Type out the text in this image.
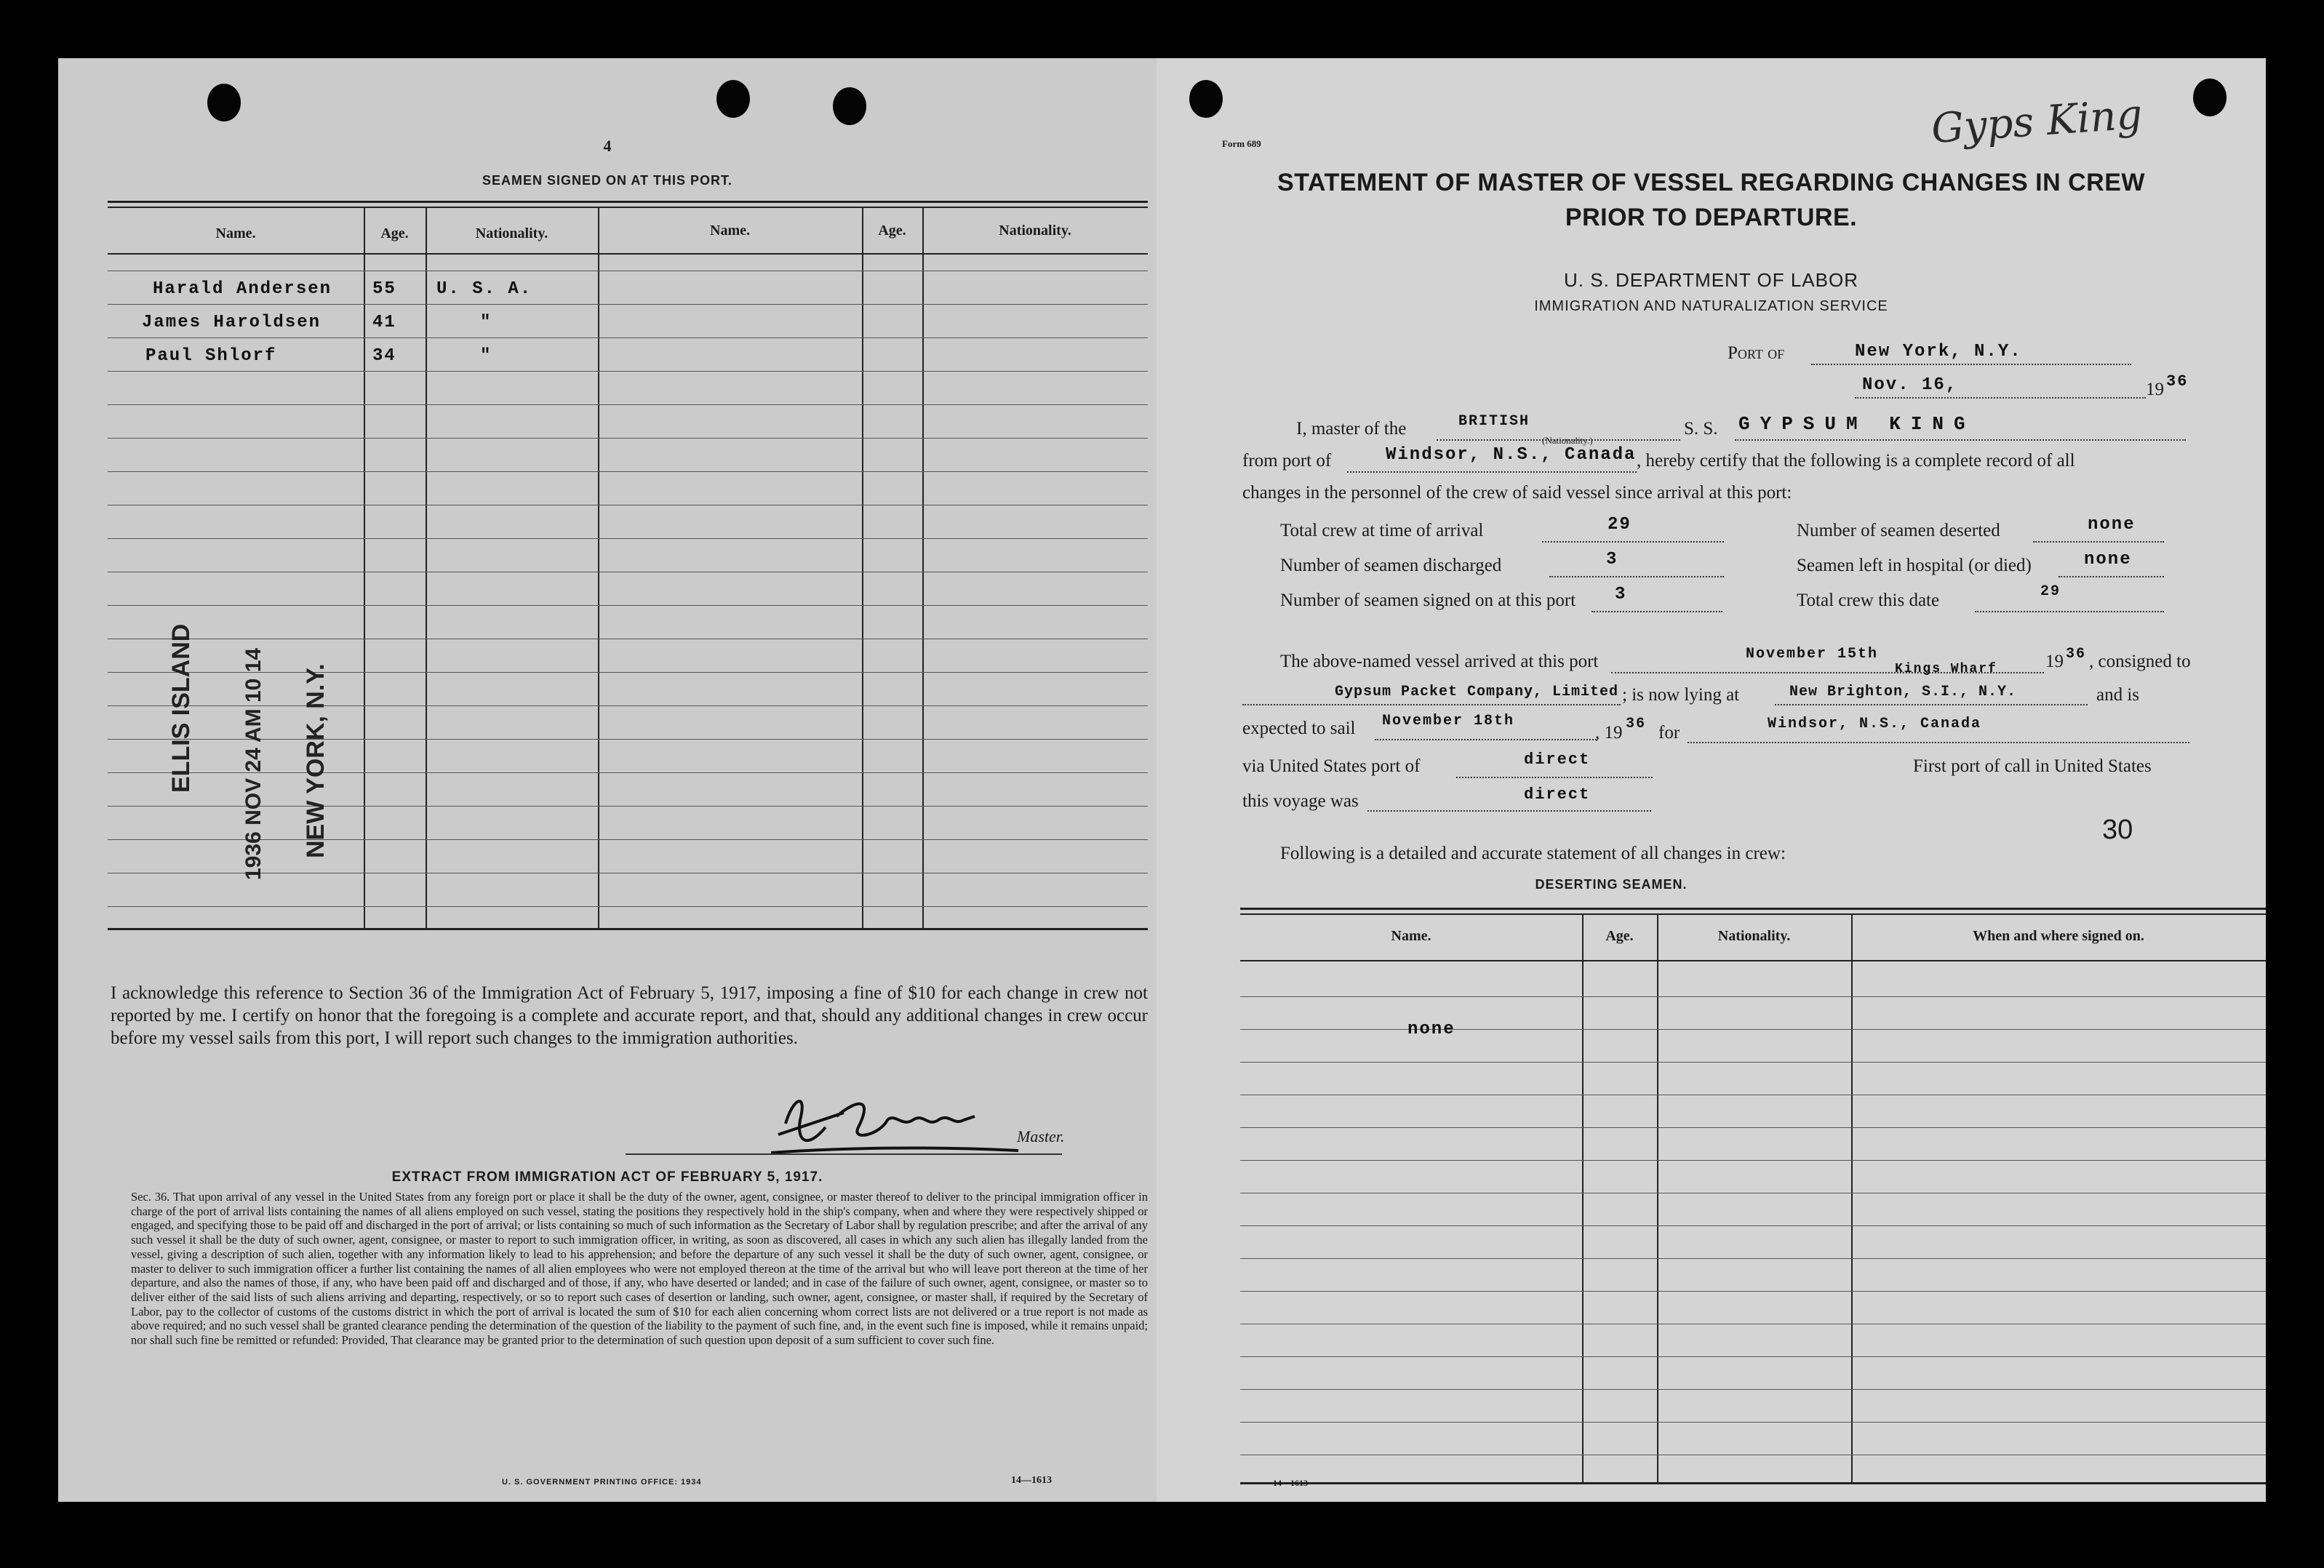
4
SEAMEN SIGNED ON AT THIS PORT.
Name.	Age.	Nationality.	Name.	Age.	Nationality.
Harald Andersen 55 U. S. A.
James Haroldsen	41	"
Paul Shlorf	34	"
ELLIS ISLAND 1936 NOV 24 AM 10 14 NEW YORK, N.Y.
I acknowledge this reference to Section 36 of the Immigration Act of February 5, 1917, imposing a fine of $10 for each change in crew not reported by me. I certify on honor that the foregoing is a complete and accurate report, and that, should any additional changes in crew occur before my vessel sails from this port, I will report such changes to the immigration authorities.
Master.
EXTRACT FROM IMMIGRATION ACT OF FEBRUARY 5, 1917.
Sec. 36. That upon arrival of any vessel in the United States from any foreign port or place it shall be the duty of the owner, agent, consignee, or master thereof to deliver to the principal immigration officer in charge of the port of arrival lists containing the names of all aliens employed on such vessel, stating the positions they respectively hold in the ship's company, when and where they were respectively shipped or engaged, and specifying those to be paid off and discharged in the port of arrival; or lists containing so much of such information as the Secretary of Labor shall by regulation prescribe; and after the arrival of any such vessel it shall be the duty of such owner, agent, consignee, or master to report to such immigration officer, in writing, as soon as discovered, all cases in which any such alien has illegally landed from the vessel, giving a description of such alien, together with any information likely to lead to his apprehension; and before the departure of any such vessel it shall be the duty of such owner, agent, consignee, or master to deliver to such immigration officer a further list containing the names of all alien employees who were not employed thereon at the time of the arrival but who will leave port thereon at the time of her departure, and also the names of those, if any, who have been paid off and discharged and of those, if any, who have deserted or landed; and in case of the failure of such owner, agent, consignee, or master so to deliver either of the said lists of such aliens arriving and departing, respectively, or so to report such cases of desertion or landing, such owner, agent, consignee, or master shall, if required by the Secretary of Labor, pay to the collector of customs of the customs district in which the port of arrival is located the sum of $10 for each alien concerning whom correct lists are not delivered or a true report is not made as above required; and no such vessel shall be granted clearance pending the determination of the question of the liability to the payment of such fine, and, in the event such fine is imposed, while it remains unpaid; nor shall such fine be remitted or refunded: Provided, That clearance may be granted prior to the determination of such question upon deposit of a sum sufficient to cover such fine.
U. S. GOVERNMENT PRINTING OFFICE: 1934	14—1613
Form 689	Gyps King
STATEMENT OF MASTER OF VESSEL REGARDING CHANGES IN CREW
PRIOR TO DEPARTURE.
U. S. DEPARTMENT OF LABOR
IMMIGRATION AND NATURALIZATION SERVICE
Port of	New York, N.Y.
Nov. 16,	19 36
I, master of the	BRITISH
(Nationality.)
S. S. GYPSUM KING
from port of	Windsor, N.S., Canada , hereby certify that the following is a complete record of all
changes in the personnel of the crew of said vessel since arrival at this port:
Total crew at time of arrival	29	Number of seamen deserted	none
Number of seamen discharged	3	Seamen left in hospital (or died)	none
Number of seamen signed on at this port 3	Total crew this date	29
The above-named vessel arrived at this port	November 15th
Kings Wharf	19 36 , consigned to
Gypsum Packet Company, Limited ; is now lying at	New Brighton, S.I., N.Y.	and is
expected to sail November 18th
, 19 36 for	Windsor, N.S., Canada
via United States port of	direct	First port of call in United States
this voyage was	direct
30
Following is a detailed and accurate statement of all changes in crew:
DESERTING SEAMEN.
Name.	Age.	Nationality.	When and where signed on.
none
14—1613
